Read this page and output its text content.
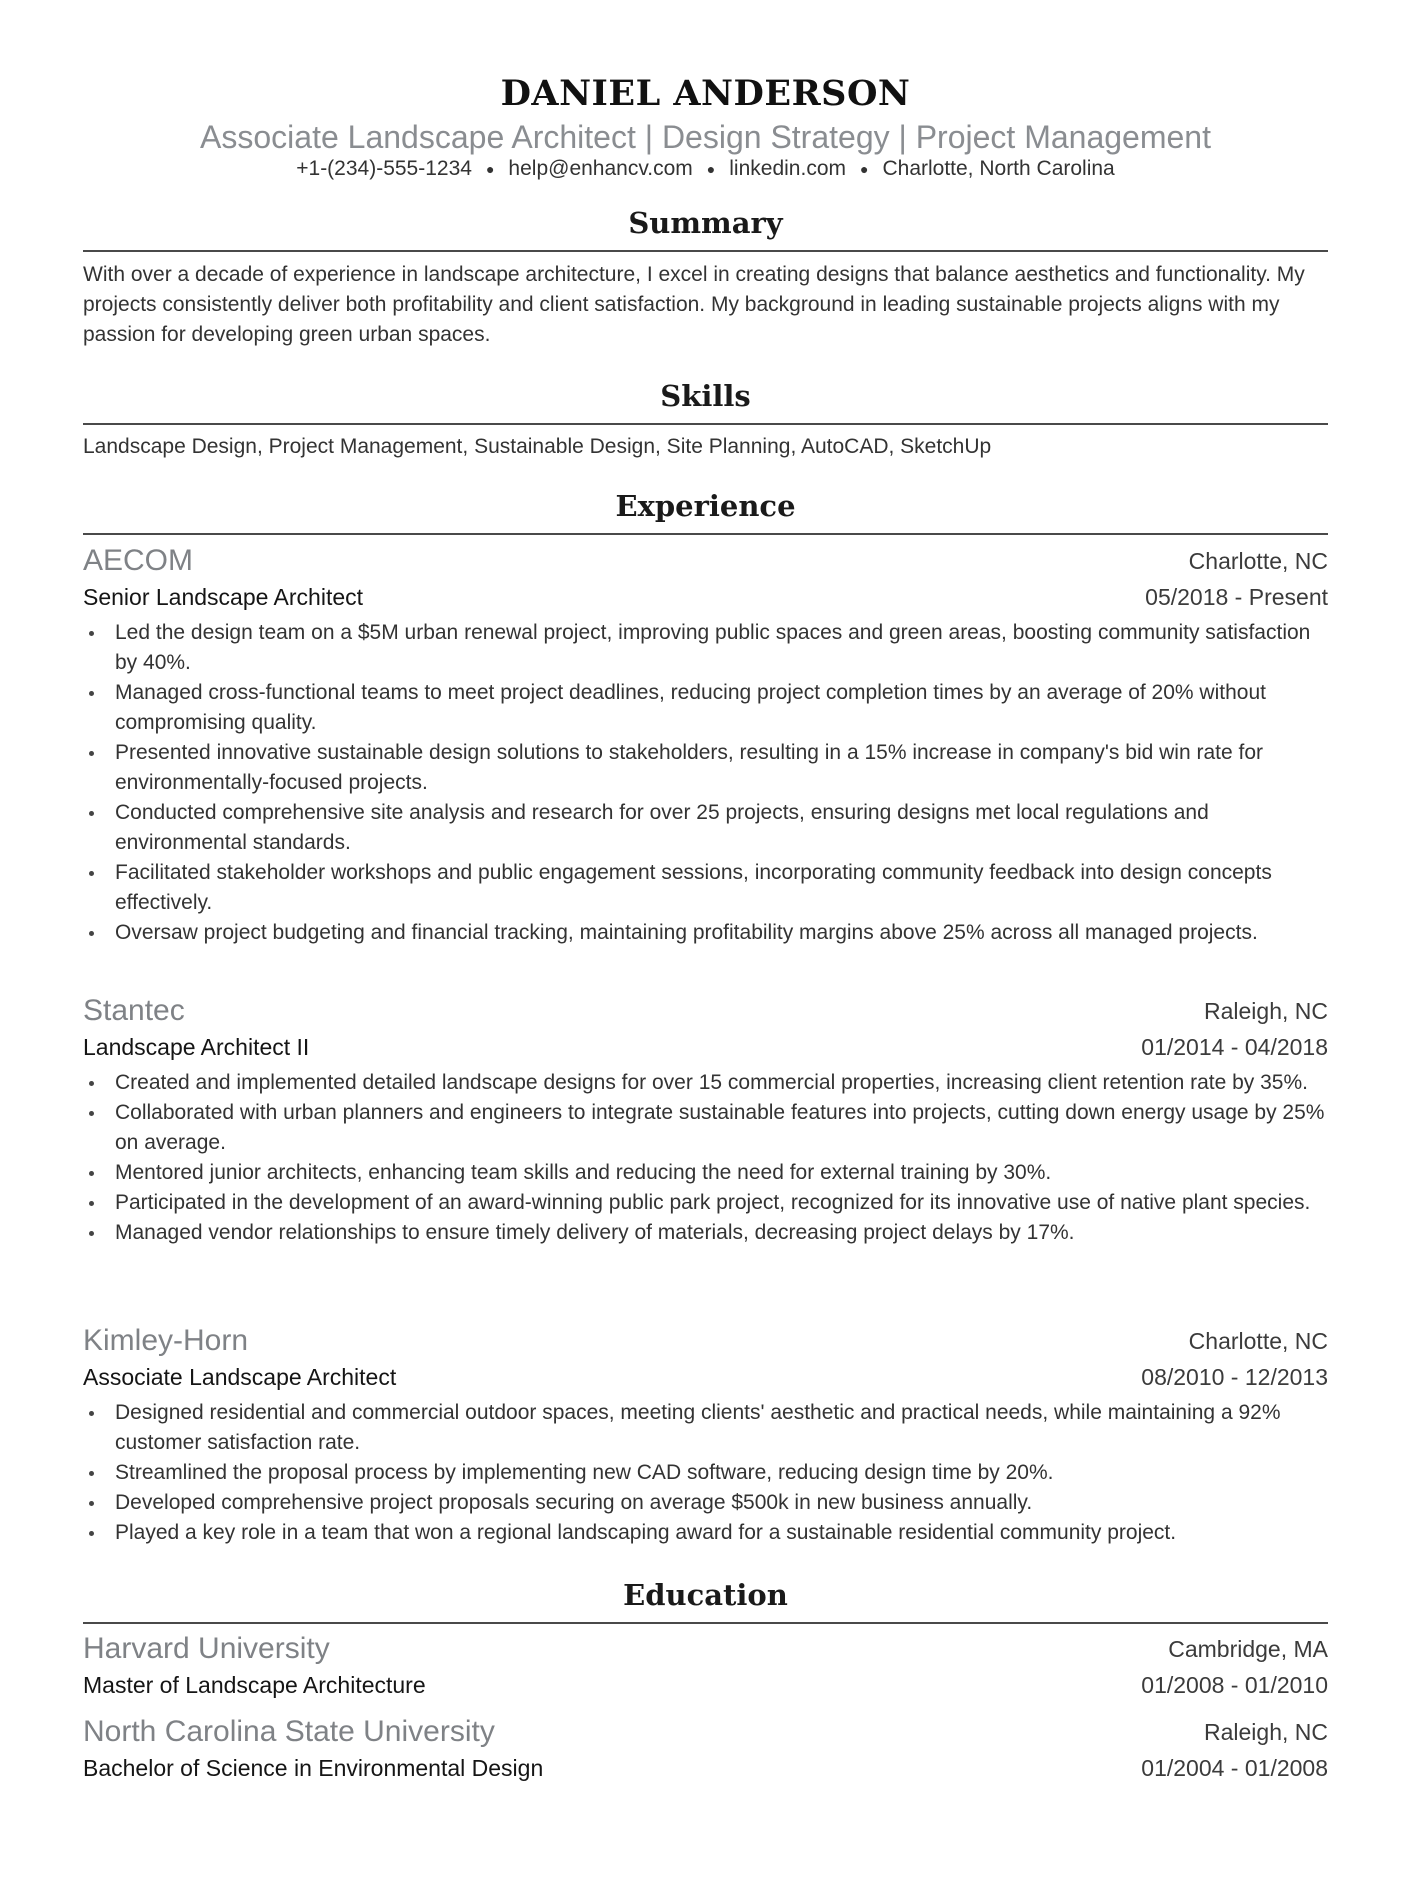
DANIEL ANDERSON
Associate Landscape Architect | Design Strategy | Project Management
+1-(234)-555-1234 ● help@enhancv.com ● linkedin.com ● Charlotte, North Carolina
Summary
With over a decade of experience in landscape architecture, I excel in creating designs that balance aesthetics and functionality. My projects consistently deliver both profitability and client satisfaction. My background in leading sustainable projects aligns with my passion for developing green urban spaces.
Skills
Landscape Design, Project Management, Sustainable Design, Site Planning, AutoCAD, SketchUp
Experience
AECOM	Charlotte, NC
Senior Landscape Architect	05/2018 - Present
Led the design team on a $5M urban renewal project, improving public spaces and green areas, boosting community satisfaction by 40%.
Managed cross-functional teams to meet project deadlines, reducing project completion times by an average of 20% without compromising quality.
Presented innovative sustainable design solutions to stakeholders, resulting in a 15% increase in company's bid win rate for environmentally-focused projects.
Conducted comprehensive site analysis and research for over 25 projects, ensuring designs met local regulations and environmental standards.
Facilitated stakeholder workshops and public engagement sessions, incorporating community feedback into design concepts effectively.
Oversaw project budgeting and financial tracking, maintaining profitability margins above 25% across all managed projects.
Stantec	Raleigh, NC
Landscape Architect II	01/2014 - 04/2018
Created and implemented detailed landscape designs for over 15 commercial properties, increasing client retention rate by 35%.
Collaborated with urban planners and engineers to integrate sustainable features into projects, cutting down energy usage by 25% on average.
Mentored junior architects, enhancing team skills and reducing the need for external training by 30%.
Participated in the development of an award-winning public park project, recognized for its innovative use of native plant species.
Managed vendor relationships to ensure timely delivery of materials, decreasing project delays by 17%.
Kimley-Horn	Charlotte, NC
Associate Landscape Architect	08/2010 - 12/2013
Designed residential and commercial outdoor spaces, meeting clients' aesthetic and practical needs, while maintaining a 92% customer satisfaction rate.
Streamlined the proposal process by implementing new CAD software, reducing design time by 20%.
Developed comprehensive project proposals securing on average $500k in new business annually.
Played a key role in a team that won a regional landscaping award for a sustainable residential community project.
Education
Harvard University	Cambridge, MA
Master of Landscape Architecture	01/2008 - 01/2010
North Carolina State University	Raleigh, NC
Bachelor of Science in Environmental Design	01/2004 - 01/2008
